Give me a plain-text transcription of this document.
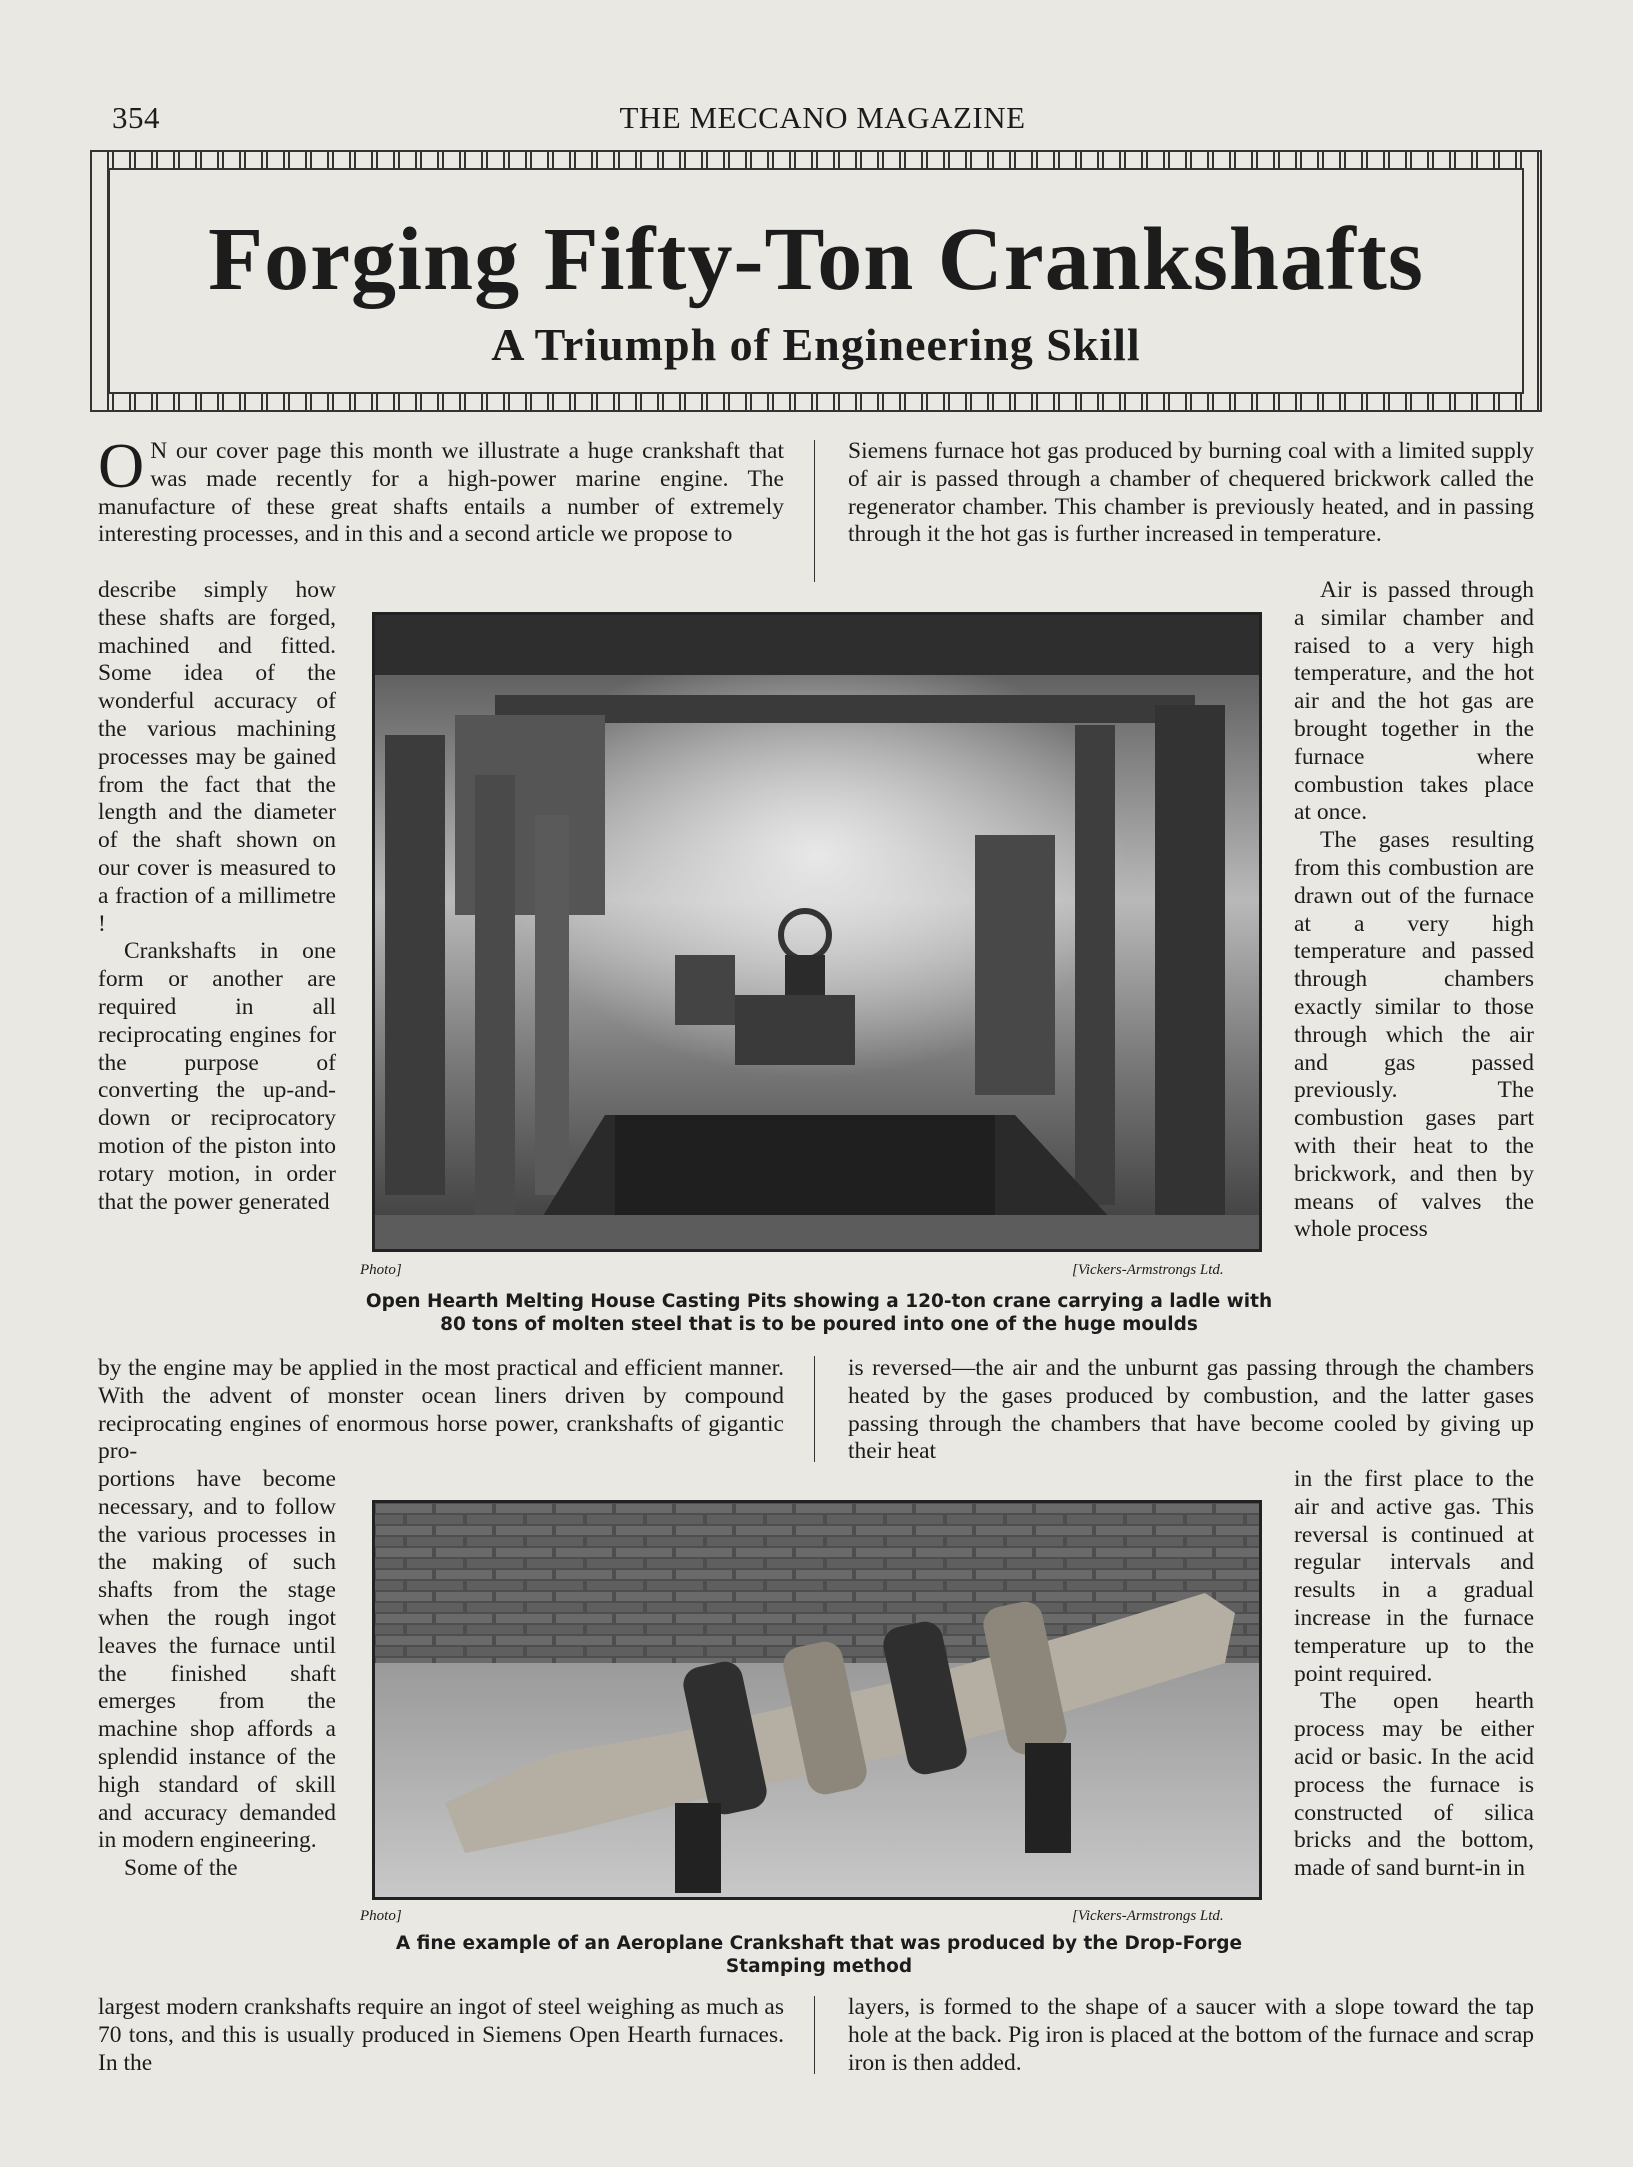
354	THE MECCANO MAGAZINE
Forging Fifty-Ton Crankshafts
A Triumph of Engineering Skill

O N our cover page this month we illustrate a huge crankshaft that was made recently for a high-power marine engine. The manufacture of these great shafts entails a number of extremely interesting processes, and in this and a second article we propose to

Siemens furnace hot gas produced by burning coal with a limited supply of air is passed through a chamber of chequered brickwork called the regenerator chamber. This chamber is previously heated, and in passing through it the hot gas is further increased in temperature.

describe simply how these shafts are forged, machined and fitted. Some idea of the wonderful accuracy of the various machining processes may be gained from the fact that the length and the diameter of the shaft shown on our cover is measured to a fraction of a millimetre !

Crankshafts in one form or another are required in all reciprocating engines for the purpose of converting the up-and-down or reciprocatory motion of the piston into rotary motion, in order that the power generated

Photo]	[Vickers-Armstrongs Ltd.
Open Hearth Melting House Casting Pits showing a 120-ton crane carrying a ladle with 80 tons of molten steel that is to be poured into one of the huge moulds

Air is passed through a similar chamber and raised to a very high temperature, and the hot air and the hot gas are brought together in the furnace where combustion takes place at once.

The gases resulting from this combustion are drawn out of the furnace at a very high temperature and passed through chambers exactly similar to those through which the air and gas passed previously. The combustion gases part with their heat to the brickwork, and then by means of valves the whole process

by the engine may be applied in the most practical and efficient manner. With the advent of monster ocean liners driven by compound reciprocating engines of enormous horse power, crankshafts of gigantic pro-
is reversed—the air and the unburnt gas passing through the chambers heated by the gases produced by combustion, and the latter gases passing through the chambers that have become cooled by giving up their heat

portions have become necessary, and to follow the various processes in the making of such shafts from the stage when the rough ingot leaves the furnace until the finished shaft emerges from the machine shop affords a splendid instance of the high standard of skill and accuracy demanded in modern engineering.

Some of the

Photo]	[Vickers-Armstrongs Ltd.
A fine example of an Aeroplane Crankshaft that was produced by the Drop-Forge Stamping method

in the first place to the air and active gas. This reversal is continued at regular intervals and results in a gradual increase in the furnace temperature up to the point required.

The open hearth process may be either acid or basic. In the acid process the furnace is constructed of silica bricks and the bottom, made of sand burnt-in in

largest modern crankshafts require an ingot of steel weighing as much as 70 tons, and this is usually produced in Siemens Open Hearth furnaces. In the
layers, is formed to the shape of a saucer with a slope toward the tap hole at the back. Pig iron is placed at the bottom of the furnace and scrap iron is then added.
